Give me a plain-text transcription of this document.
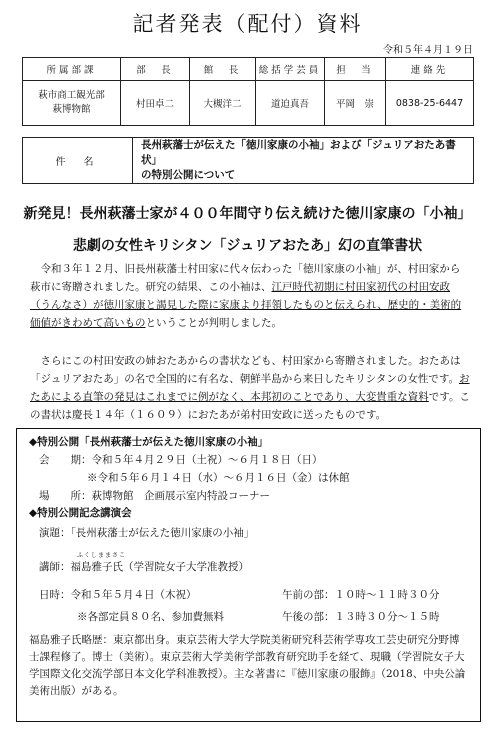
記者発表（配付）資料
令和５年４月１９日
所属部課	部　長	館　長	総括学芸員	担　当	連絡先
萩市商工観光部
萩博物館	村田卓二	大槻洋二	道迫真吾	平岡　崇	0838-25-6447
件名	長州萩藩士が伝えた「徳川家康の小袖」および「ジュリアおたあ書状」
の特別公開について
新発見！長州萩藩士家が４００年間守り伝え続けた徳川家康の「小袖」
悲劇の女性キリシタン「ジュリアおたあ」幻の直筆書状

令和３年１２月、旧長州萩藩士村田家に代々伝わった「徳川家康の小袖」が、村田家から萩市に寄贈されました。研究の結果、この小袖は、江戸時代初期に村田家初代の村田安政（うんなさ）が徳川家康と謁見した際に家康より拝領したものと伝えられ、歴史的・美術的価値がきわめて高いものということが判明しました。

さらにこの村田安政の姉おたあからの書状なども、村田家から寄贈されました。おたあは「ジュリアおたあ」の名で全国的に有名な、朝鮮半島から来日したキリシタンの女性です。おたあによる直筆の発見はこれまでに例がなく、本邦初のことであり、大変貴重な資料です。この書状は慶長１４年（１６０９）におたあが弟村田安政に送ったものです。

◆特別公開「長州萩藩士が伝えた徳川家康の小袖」
会　　期：令和５年４月２９日（土祝）～６月１８日（日）
※令和５年６月１４日（水）～６月１６日（金）は休館
場　　所：萩博物館　企画展示室内特設コーナー
◆特別公開記念講演会
演題：「長州萩藩士が伝えた徳川家康の小袖」
ふくしままさこ
講師：福島雅子氏（学習院女子大学准教授）
日時：令和５年５月４日（木祝）	午前の部：１０時～１１時３０分
※各部定員８０名、参加費無料	午後の部：１３時３０分～１５時
福島雅子氏略歴：東京都出身。東京芸術大学大学院美術研究科芸術学専攻工芸史研究分野博士課程修了。博士（美術）。東京芸術大学美術学部教育研究助手を経て、現職（学習院女子大学国際文化交流学部日本文化学科准教授）。主な著書に『徳川家康の服飾』（2018、中央公論美術出版）がある。
